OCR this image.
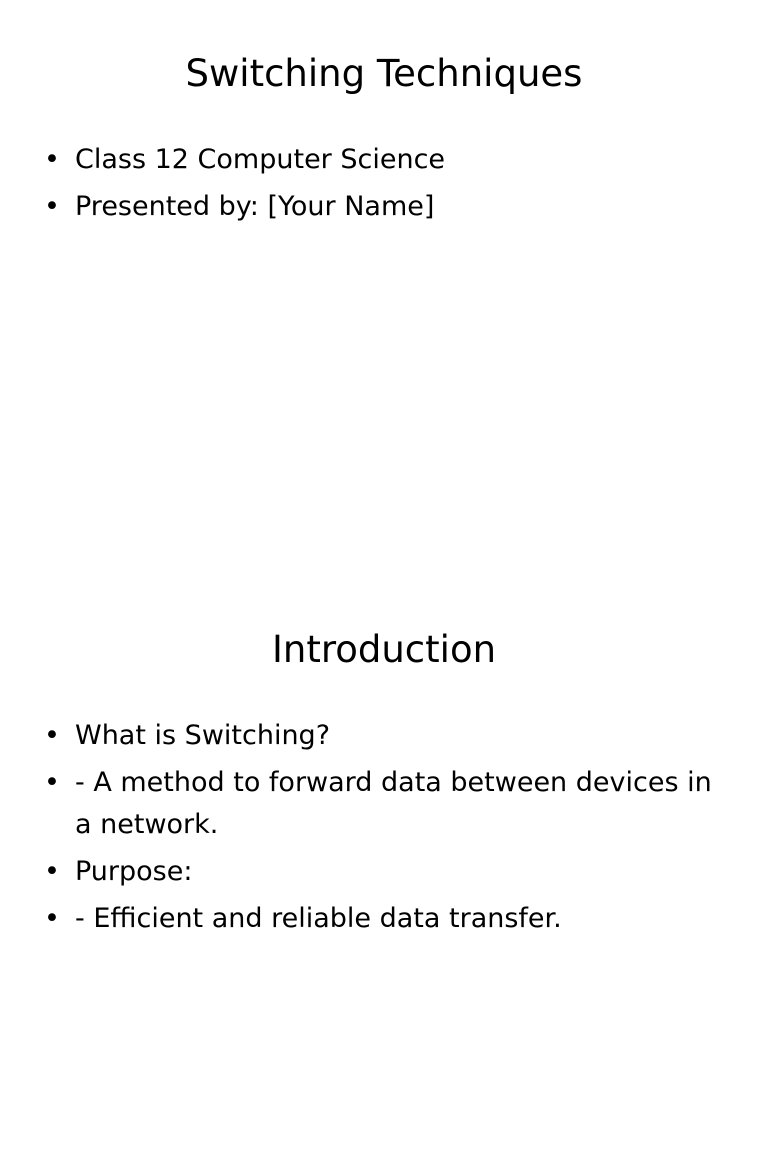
Switching Techniques
• Class 12 Computer Science
• Presented by: [Your Name]
Introduction
• What is Switching?
• - A method to forward data between devices in a network.
• Purpose:
• - Efficient and reliable data transfer.
